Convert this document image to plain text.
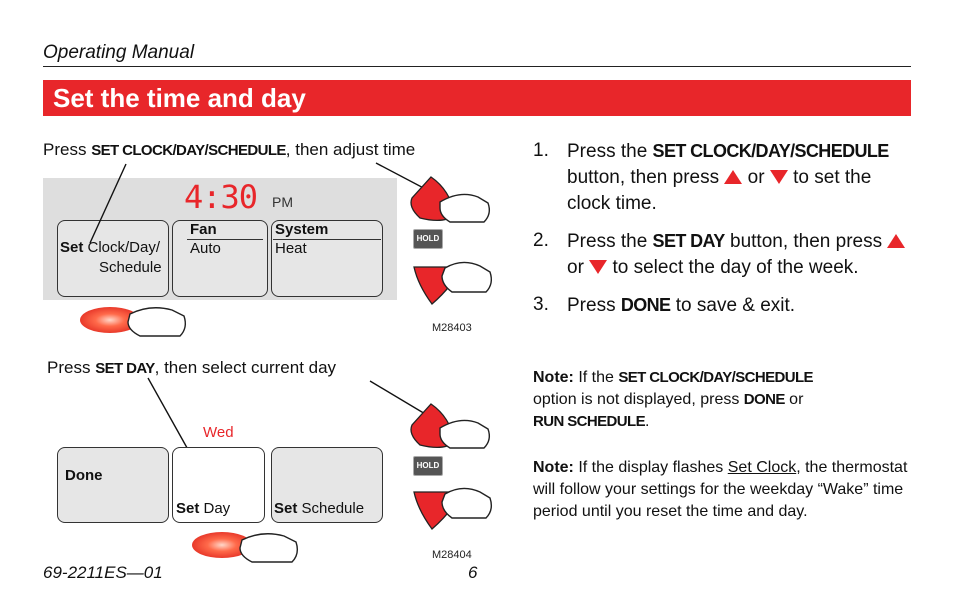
Operating Manual
Set the time and day
Press SET CLOCK/DAY/SCHEDULE, then adjust time
4:30 PM
Set Clock/Day/
Schedule
Fan
Auto
System
Heat
HOLD
M28403
Press SET DAY, then select current day
Wed
Done
Set Day	Set Schedule
HOLD
M28404
1. Press the SET CLOCK/DAY/SCHEDULE button, then press  or  to set the clock time.
2. Press the SET DAY button, then press  or  to select the day of the week.
3. Press DONE to save & exit.
Note: If the SET CLOCK/DAY/SCHEDULE
option is not displayed, press DONE or
RUN SCHEDULE.
Note: If the display flashes Set Clock, the thermostat will follow your settings for the weekday “Wake” time period until you reset the time and day.
69-2211ES—01	6
